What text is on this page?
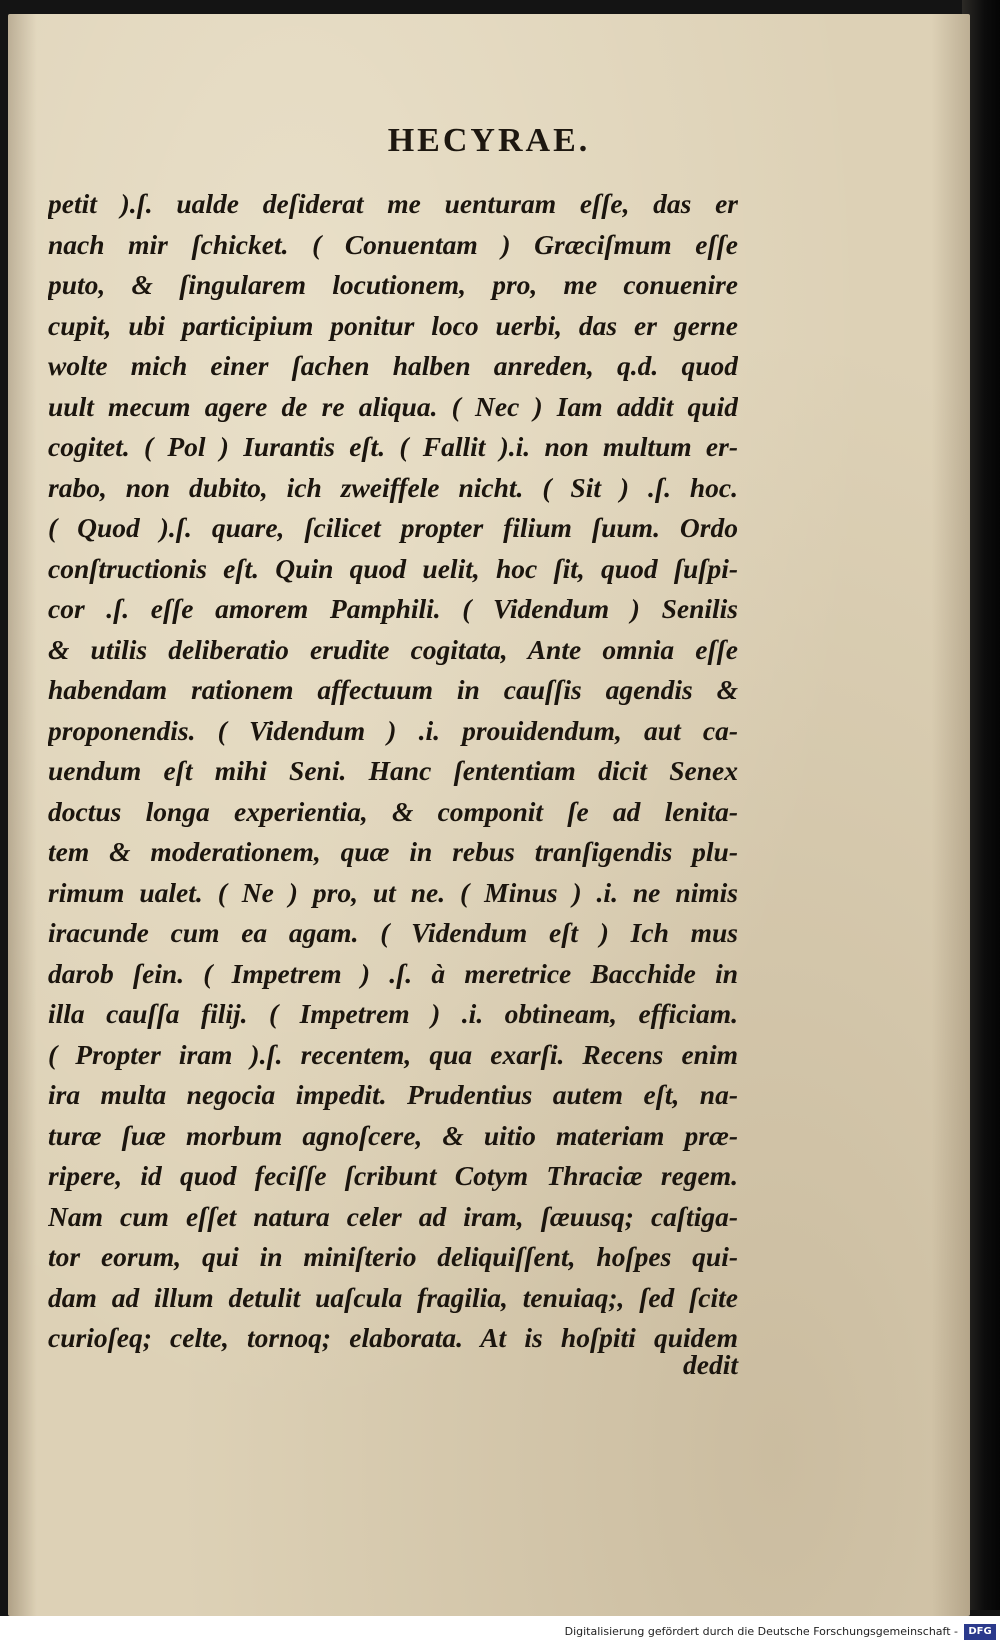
HECYRAE.
petit ).ſ. ualde deſiderat me uenturam eſſe, das er
nach mir ſchicket. ( Conuentam ) Græciſmum eſſe
puto, & ſingularem locutionem, pro, me conuenire
cupit, ubi participium ponitur loco uerbi, das er gerne
wolte mich einer ſachen halben anreden, q.d. quod
uult mecum agere de re aliqua. ( Nec ) Iam addit quid
cogitet. ( Pol ) Iurantis eſt. ( Fallit ).i. non multum er-
rabo, non dubito, ich zweiffele nicht. ( Sit ) .ſ. hoc.
( Quod ).ſ. quare, ſcilicet propter filium ſuum. Ordo
conſtructionis eſt. Quin quod uelit, hoc ſit, quod ſuſpi-
cor .ſ. eſſe amorem Pamphili. ( Videndum ) Senilis
& utilis deliberatio erudite cogitata, Ante omnia eſſe
habendam rationem affectuum in cauſſis agendis &
proponendis. ( Videndum ) .i. prouidendum, aut ca-
uendum eſt mihi Seni. Hanc ſententiam dicit Senex
doctus longa experientia, & componit ſe ad lenita-
tem & moderationem, quæ in rebus tranſigendis plu-
rimum ualet. ( Ne ) pro, ut ne. ( Minus ) .i. ne nimis
iracunde cum ea agam. ( Videndum eſt ) Ich mus
darob ſein. ( Impetrem ) .ſ. à meretrice Bacchide in
illa cauſſa filij. ( Impetrem ) .i. obtineam, efficiam.
( Propter iram ).ſ. recentem, qua exarſi. Recens enim
ira multa negocia impedit. Prudentius autem eſt, na-
turæ ſuæ morbum agnoſcere, & uitio materiam præ-
ripere, id quod feciſſe ſcribunt Cotym Thraciæ regem.
Nam cum eſſet natura celer ad iram, ſæuusq; caſtiga-
tor eorum, qui in miniſterio deliquiſſent, hoſpes qui-
dam ad illum detulit uaſcula fragilia, tenuiaq;, ſed ſcite
curioſeq; celte, tornoq; elaborata. At is hoſpiti quidem
dedit
Digitalisierung gefördert durch die Deutsche Forschungsgemeinschaft -	DFG
